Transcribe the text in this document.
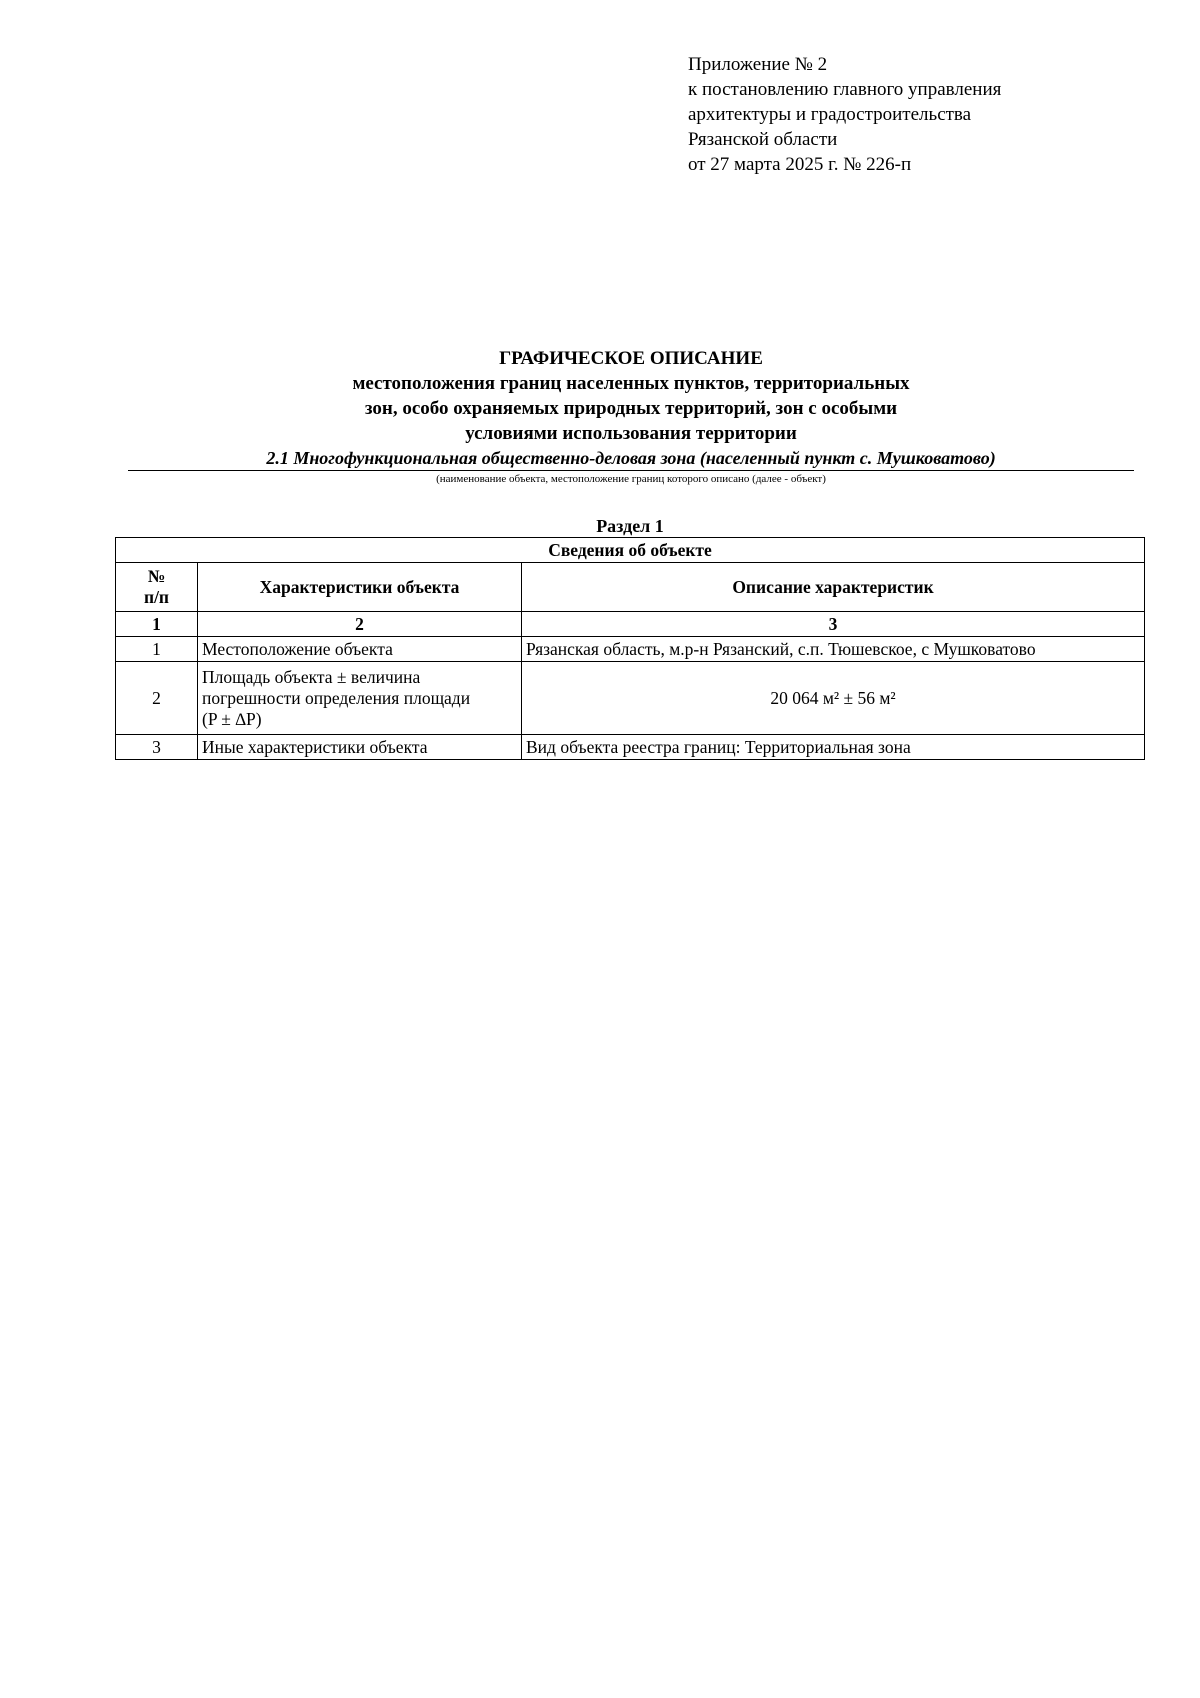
Приложение № 2
к постановлению главного управления
архитектуры и градостроительства
Рязанской области
от 27 марта 2025 г. № 226-п
ГРАФИЧЕСКОЕ ОПИСАНИЕ
местоположения границ населенных пунктов, территориальных
зон, особо охраняемых природных территорий, зон с особыми
условиями использования территории
2.1 Многофункциональная общественно-деловая зона (населенный пункт с. Мушковатово)
(наименование объекта, местоположение границ которого описано (далее - объект)
Раздел 1
Сведения об объекте		

№
п/п	Характеристики объекта	Описание характеристик
1	2	3
1	Местоположение объекта	Рязанская область, м.р-н Рязанский, с.п. Тюшевское, с Мушковатово
2	Площадь объекта ± величина
погрешности определения площади
(P ± ∆P)	20 064 м² ± 56 м²
3	Иные характеристики объекта	Вид объекта реестра границ: Территориальная зона
